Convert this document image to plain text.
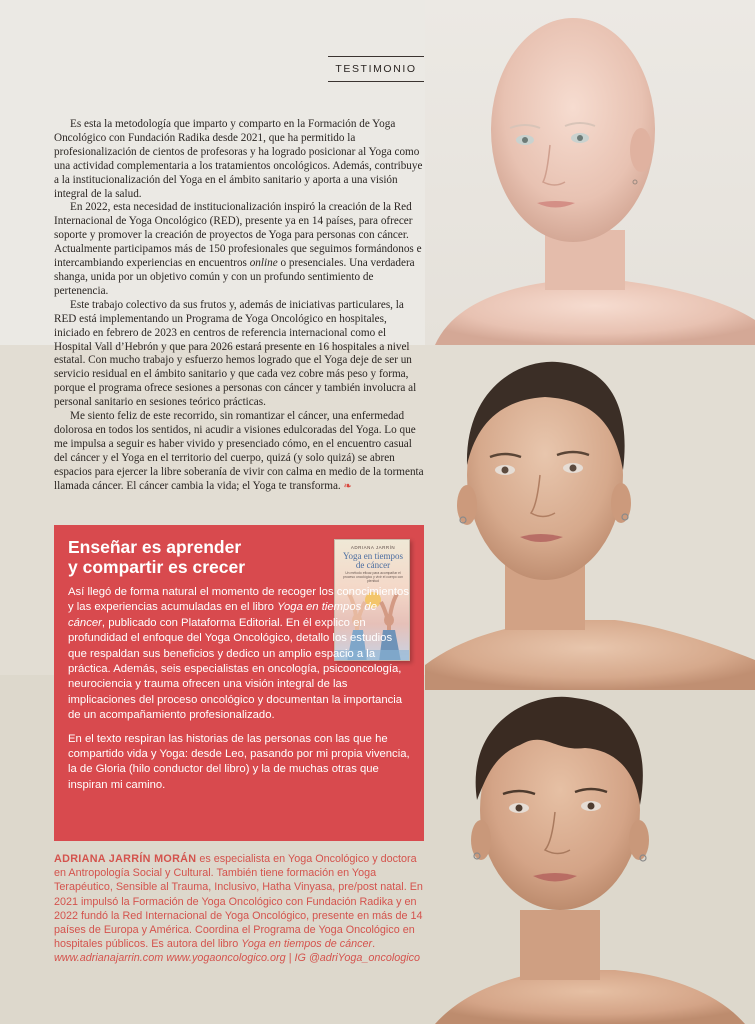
TESTIMONIO

Es esta la metodología que imparto y comparto en la Formación de Yoga Oncológico con Fundación Radika desde 2021, que ha permitido la profesionalización de cientos de profesoras y ha logrado posicionar al Yoga como una actividad complementaria a los tratamientos oncológicos. Además, contribuye a la institucionalización del Yoga en el ámbito sanitario y aporta a una visión integral de la salud.

En 2022, esta necesidad de institucionalización inspiró la creación de la Red Internacional de Yoga Oncológico (RED), presente ya en 14 países, para ofrecer soporte y promover la creación de proyectos de Yoga para personas con cáncer. Actualmente participamos más de 150 profesionales que seguimos formándonos e intercambiando experiencias en encuentros online o presenciales. Una verdadera shanga, unida por un objetivo común y con un profundo sentimiento de pertenencia.

Este trabajo colectivo da sus frutos y, además de iniciativas particulares, la RED está implementando un Programa de Yoga Oncológico en hospitales, iniciado en febrero de 2023 en centros de referencia internacional como el Hospital Vall d’Hebrón y que para 2026 estará presente en 16 hospitales a nivel estatal. Con mucho trabajo y esfuerzo hemos logrado que el Yoga deje de ser un servicio residual en el ámbito sanitario y que cada vez cobre más peso y forma, porque el programa ofrece sesiones a personas con cáncer y también involucra al personal sanitario en sesiones teórico prácticas.

Me siento feliz de este recorrido, sin romantizar el cáncer, una enfermedad dolorosa en todos los sentidos, ni acudir a visiones edulcoradas del Yoga. Lo que me impulsa a seguir es haber vivido y presenciado cómo, en el encuentro casual del cáncer y el Yoga en el territorio del cuerpo, quizá (y solo quizá) se abren espacios para ejercer la libre soberanía de vivir con calma en medio de la tormenta llamada cáncer. El cáncer cambia la vida; el Yoga te transforma. ❧

Enseñar es aprender
y compartir es crecer
ADRIANA JARRÍN
Yoga en tiempos de cáncer
Un método eficaz para acompañar el proceso oncológico y vivir el cuerpo con plenitud

Así llegó de forma natural el momento de recoger los conocimientos y las experiencias acumuladas en el libro Yoga en tiempos de cáncer, publicado con Plataforma Editorial. En él explico en profundidad el enfoque del Yoga Oncológico, detallo los estudios que respaldan sus beneficios y dedico un amplio espacio a la práctica. Además, seis especialistas en oncología, psicooncología, neurociencia y trauma ofrecen una visión integral de las implicaciones del proceso oncológico y documentan la importancia de un acompañamiento profesionalizado.

En el texto respiran las historias de las personas con las que he compartido vida y Yoga: desde Leo, pasando por mi propia vivencia, la de Gloria (hilo conductor del libro) y la de muchas otras que inspiran mi camino.

ADRIANA JARRÍN MORÁN es especialista en Yoga Oncológico y doctora en Antropología Social y Cultural. También tiene formación en Yoga Terapéutico, Sensible al Trauma, Inclusivo, Hatha Vinyasa, pre/post natal. En 2021 impulsó la Formación de Yoga Oncológico con Fundación Radika y en 2022 fundó la Red Internacional de Yoga Oncológico, presente en más de 14 países de Europa y América. Coordina el Programa de Yoga Oncológico en hospitales públicos. Es autora del libro Yoga en tiempos de cáncer. www.adrianajarrin.com www.yogaoncologico.org | IG @adriYoga_oncologico
